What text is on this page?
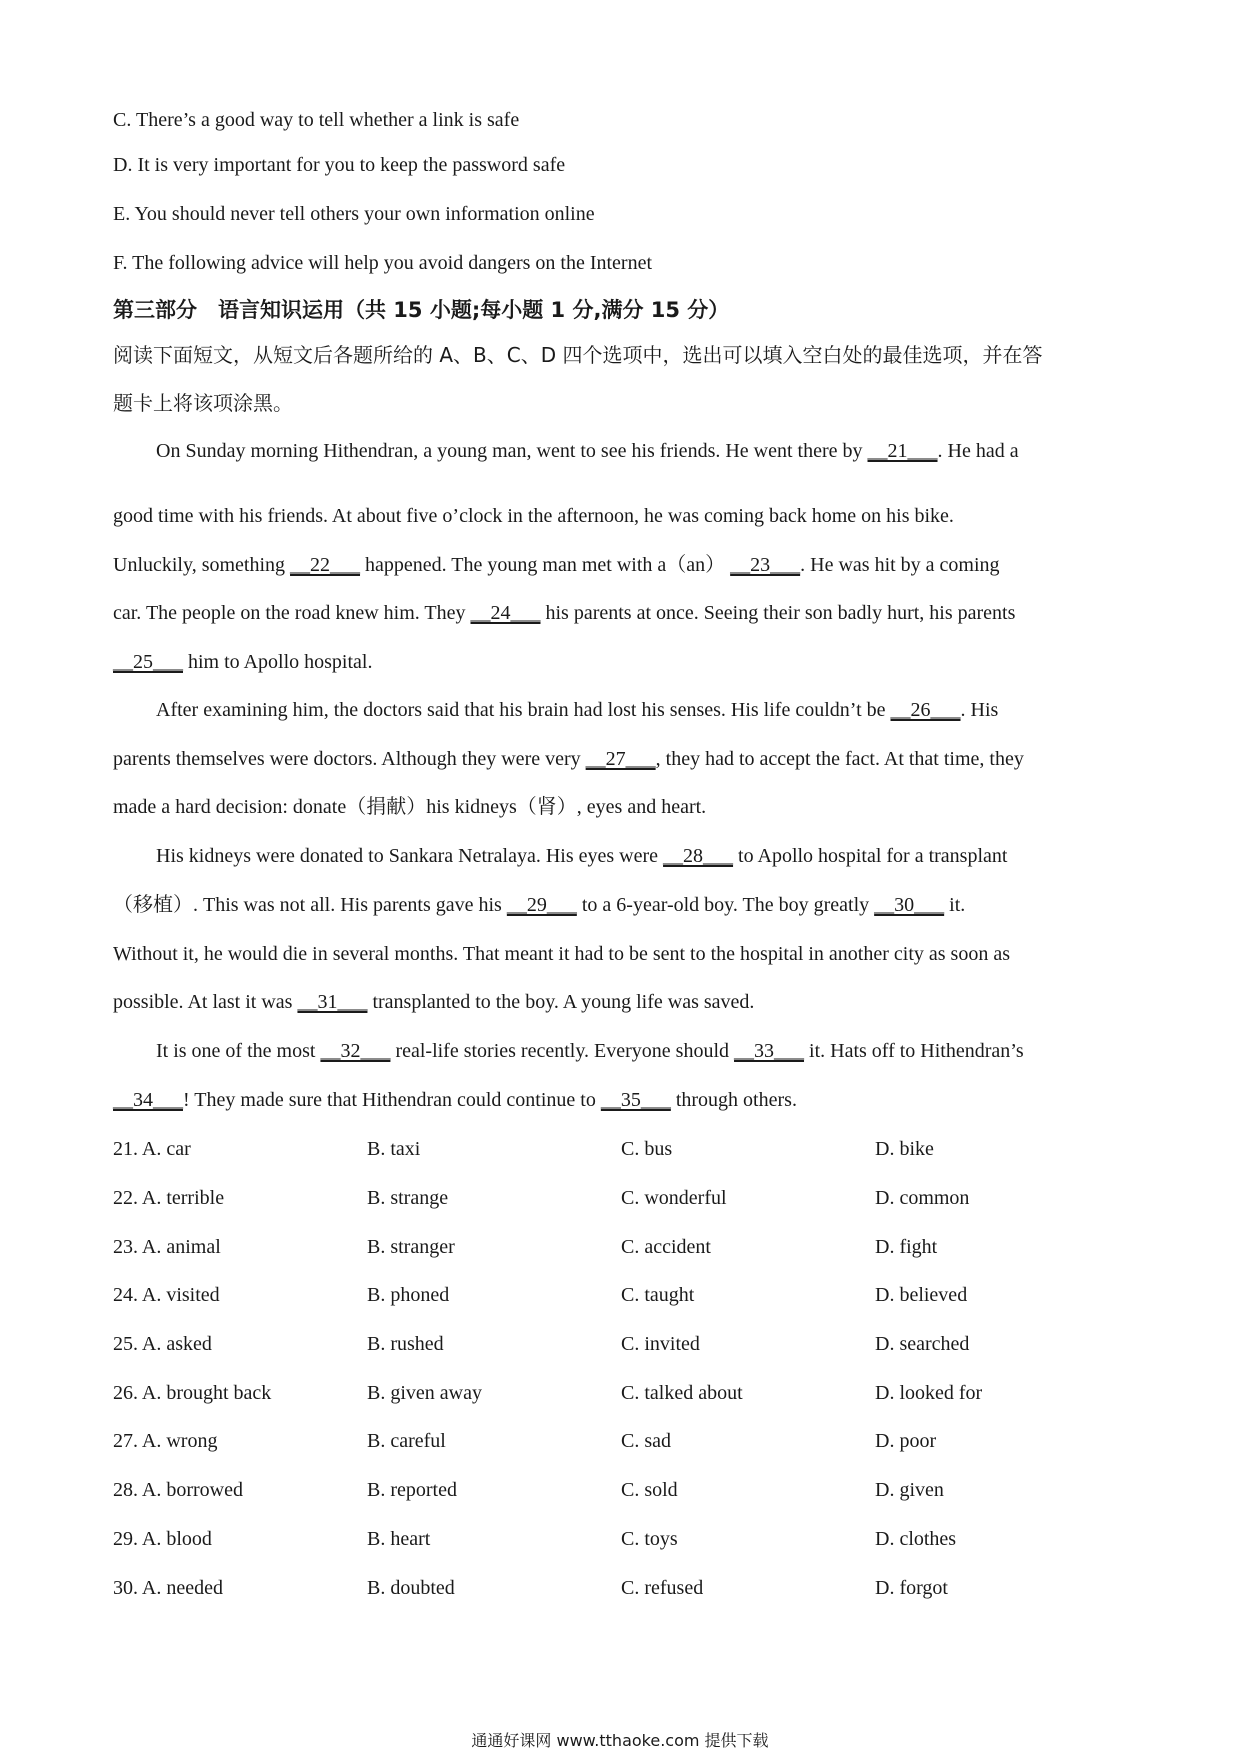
C. There’s a good way to tell whether a link is safe
D. It is very important for you to keep the password safe
E. You should never tell others your own information online
F. The following advice will help you avoid dangers on the Internet
第三部分　语言知识运用（共 15 小题;每小题 1 分,满分 15 分）
阅读下面短文，从短文后各题所给的 A、B、C、D 四个选项中，选出可以填入空白处的最佳选项，并在答
题卡上将该项涂黑。
On Sunday morning Hithendran, a young man, went to see his friends. He went there by __21___. He had a
good time with his friends. At about five o’clock in the afternoon, he was coming back home on his bike.
Unluckily, something __22___ happened. The young man met with a（an） __23___. He was hit by a coming
car. The people on the road knew him. They __24___ his parents at once. Seeing their son badly hurt, his parents
__25___ him to Apollo hospital.
After examining him, the doctors said that his brain had lost his senses. His life couldn’t be __26___. His
parents themselves were doctors. Although they were very __27___, they had to accept the fact. At that time, they
made a hard decision: donate（捐献）his kidneys（肾）, eyes and heart.
His kidneys were donated to Sankara Netralaya. His eyes were __28___ to Apollo hospital for a transplant
（移植）. This was not all. His parents gave his __29___ to a 6-year-old boy. The boy greatly __30___ it.
Without it, he would die in several months. That meant it had to be sent to the hospital in another city as soon as
possible. At last it was __31___ transplanted to the boy. A young life was saved.
It is one of the most __32___ real-life stories recently. Everyone should __33___ it. Hats off to Hithendran’s
__34___! They made sure that Hithendran could continue to __35___ through others.
21. A. car	B. taxi	C. bus	D. bike
22. A. terrible	B. strange	C. wonderful	D. common
23. A. animal	B. stranger	C. accident	D. fight
24. A. visited	B. phoned	C. taught	D. believed
25. A. asked	B. rushed	C. invited	D. searched
26. A. brought back	B. given away	C. talked about	D. looked for
27. A. wrong	B. careful	C. sad	D. poor
28. A. borrowed	B. reported	C. sold	D. given
29. A. blood	B. heart	C. toys	D. clothes
30. A. needed	B. doubted	C. refused	D. forgot
通通好课网 www.tthaoke.com 提供下载
